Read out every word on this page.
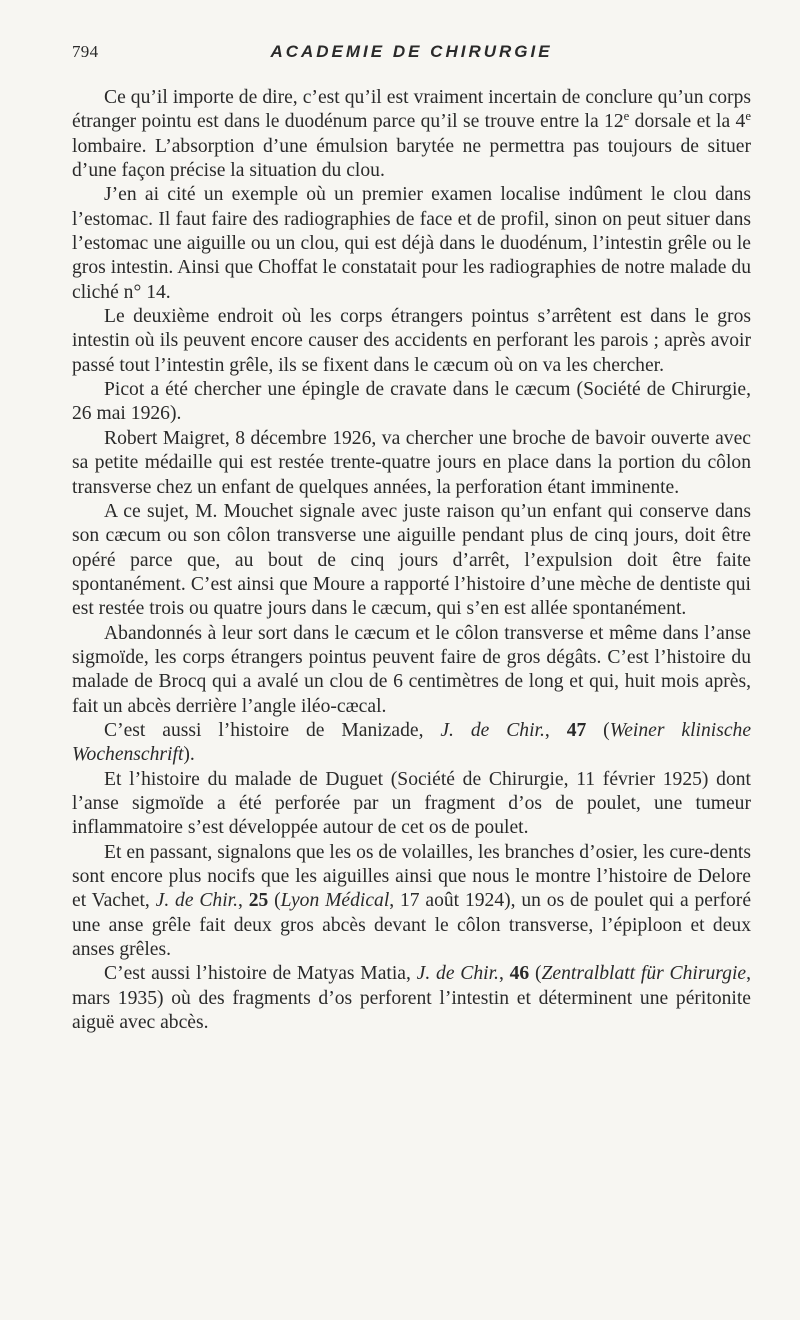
794	ACADEMIE DE CHIRURGIE

Ce qu’il importe de dire, c’est qu’il est vraiment incertain de conclure qu’un corps étranger pointu est dans le duodénum parce qu’il se trouve entre la 12e dorsale et la 4e lombaire. L’absorption d’une émulsion barytée ne permettra pas toujours de situer d’une façon précise la situation du clou.

J’en ai cité un exemple où un premier examen localise indûment le clou dans l’estomac. Il faut faire des radiographies de face et de profil, sinon on peut situer dans l’estomac une aiguille ou un clou, qui est déjà dans le duodénum, l’intestin grêle ou le gros intestin. Ainsi que Choffat le constatait pour les radiographies de notre malade du cliché n° 14.

Le deuxième endroit où les corps étrangers pointus s’arrêtent est dans le gros intestin où ils peuvent encore causer des accidents en perforant les parois ; après avoir passé tout l’intestin grêle, ils se fixent dans le cæcum où on va les chercher.

Picot a été chercher une épingle de cravate dans le cæcum (Société de Chirurgie, 26 mai 1926).

Robert Maigret, 8 décembre 1926, va chercher une broche de bavoir ouverte avec sa petite médaille qui est restée trente-quatre jours en place dans la portion du côlon transverse chez un enfant de quelques années, la perforation étant imminente.

A ce sujet, M. Mouchet signale avec juste raison qu’un enfant qui conserve dans son cæcum ou son côlon transverse une aiguille pendant plus de cinq jours, doit être opéré parce que, au bout de cinq jours d’arrêt, l’expulsion doit être faite spontanément. C’est ainsi que Moure a rapporté l’histoire d’une mèche de dentiste qui est restée trois ou quatre jours dans le cæcum, qui s’en est allée spontanément.

Abandonnés à leur sort dans le cæcum et le côlon transverse et même dans l’anse sigmoïde, les corps étrangers pointus peuvent faire de gros dégâts. C’est l’histoire du malade de Brocq qui a avalé un clou de 6 centimètres de long et qui, huit mois après, fait un abcès derrière l’angle iléo-cæcal.

C’est aussi l’histoire de Manizade, J. de Chir., 47 (Weiner klinische Wochenschrift).

Et l’histoire du malade de Duguet (Société de Chirurgie, 11 février 1925) dont l’anse sigmoïde a été perforée par un fragment d’os de poulet, une tumeur inflammatoire s’est développée autour de cet os de poulet.

Et en passant, signalons que les os de volailles, les branches d’osier, les cure-dents sont encore plus nocifs que les aiguilles ainsi que nous le montre l’histoire de Delore et Vachet, J. de Chir., 25 (Lyon Médical, 17 août 1924), un os de poulet qui a perforé une anse grêle fait deux gros abcès devant le côlon transverse, l’épiploon et deux anses grêles.

C’est aussi l’histoire de Matyas Matia, J. de Chir., 46 (Zentralblatt für Chirurgie, mars 1935) où des fragments d’os perforent l’intestin et déterminent une péritonite aiguë avec abcès.
